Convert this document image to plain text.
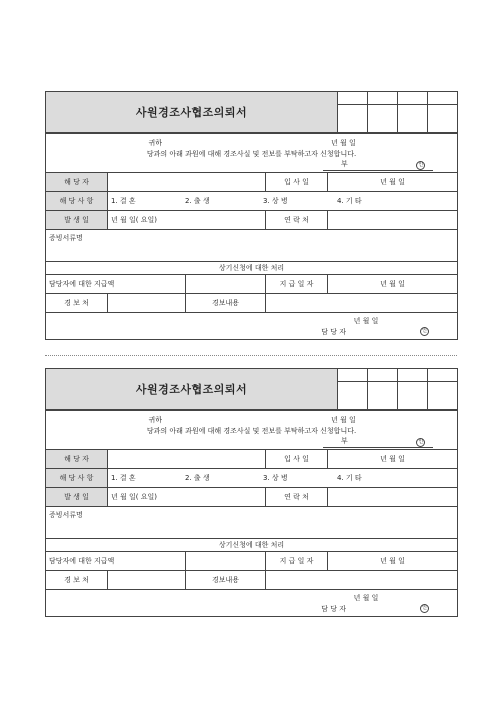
사원경조사협조의뢰서				

귀하 년 월 일
당과의 아래 과원에 대해 경조사실 및 전보를 부탁하고자 신청합니다.
부 인				

해 당 자			입 사 일	년 월 일
해 당 사 항	1. 결 혼 2. 출 생 3. 상 병 4. 기 타			
발 생 일	년 월 일( 요일)		연 락 처	
증빙서류명				
상기신청에 대한 처리				
담당자에 대한 지급액			지 급 일 자	년 월 일
경 보 처		경보내용		

년 월 일
담 당 자 인				
사원경조사협조의뢰서				

귀하 년 월 일
당과의 아래 과원에 대해 경조사실 및 전보를 부탁하고자 신청합니다.
부 인				

해 당 자			입 사 일	년 월 일
해 당 사 항	1. 결 혼 2. 출 생 3. 상 병 4. 기 타			
발 생 일	년 월 일( 요일)		연 락 처	
증빙서류명				
상기신청에 대한 처리				
담당자에 대한 지급액			지 급 일 자	년 월 일
경 보 처		경보내용		

년 월 일
담 당 자 인				
